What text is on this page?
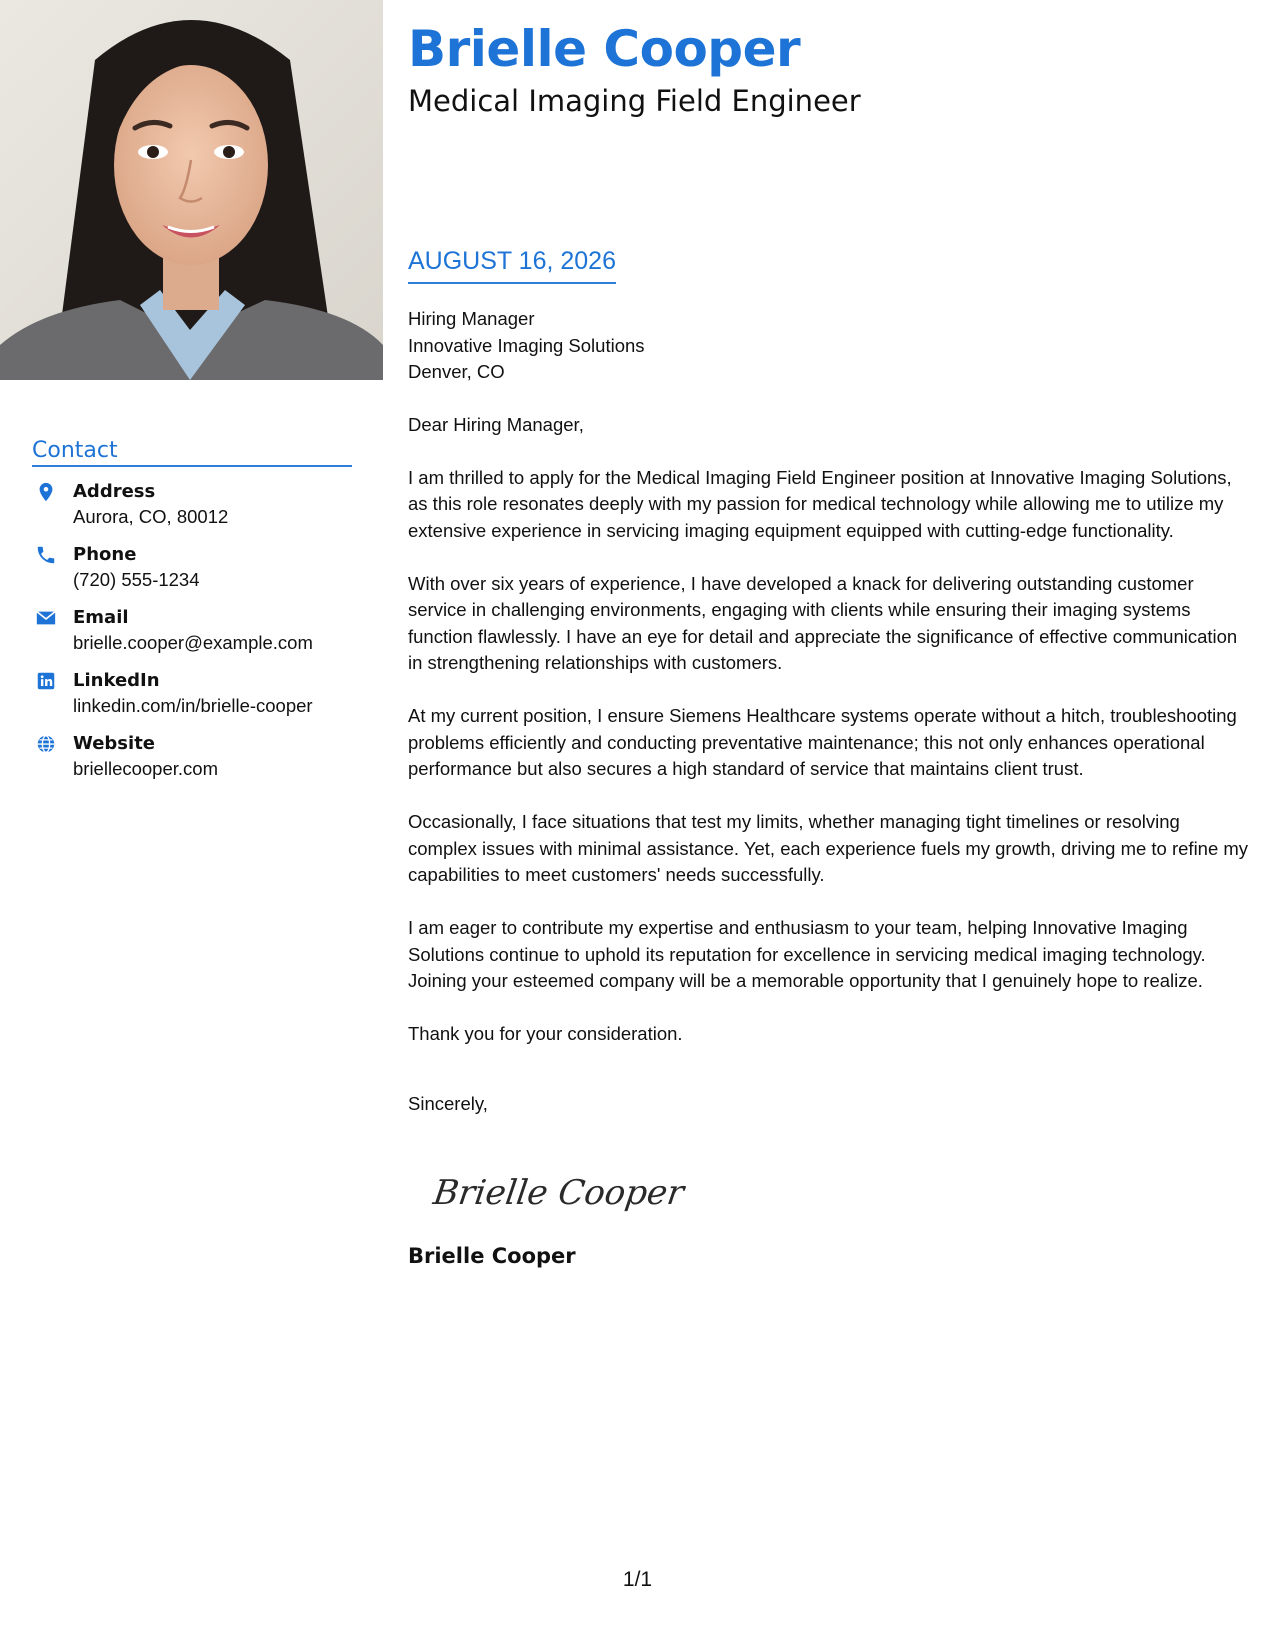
Brielle Cooper
Medical Imaging Field Engineer
Contact
Address
Aurora, CO, 80012
Phone
(720) 555-1234
Email
brielle.cooper@example.com
LinkedIn
linkedin.com/in/brielle-cooper
Website
briellecooper.com
AUGUST 16, 2026

Hiring Manager

Innovative Imaging Solutions

Denver, CO

Dear Hiring Manager,

I am thrilled to apply for the Medical Imaging Field Engineer position at Innovative Imaging Solutions, as this role resonates deeply with my passion for medical technology while allowing me to utilize my extensive experience in servicing imaging equipment equipped with cutting-edge functionality.

With over six years of experience, I have developed a knack for delivering outstanding customer service in challenging environments, engaging with clients while ensuring their imaging systems function flawlessly. I have an eye for detail and appreciate the significance of effective communication in strengthening relationships with customers.

At my current position, I ensure Siemens Healthcare systems operate without a hitch, troubleshooting problems efficiently and conducting preventative maintenance; this not only enhances operational performance but also secures a high standard of service that maintains client trust.

Occasionally, I face situations that test my limits, whether managing tight timelines or resolving complex issues with minimal assistance. Yet, each experience fuels my growth, driving me to refine my capabilities to meet customers' needs successfully.

I am eager to contribute my expertise and enthusiasm to your team, helping Innovative Imaging Solutions continue to uphold its reputation for excellence in servicing medical imaging technology. Joining your esteemed company will be a memorable opportunity that I genuinely hope to realize.

Thank you for your consideration.

Sincerely,

Brielle Cooper
Brielle Cooper
1/1
